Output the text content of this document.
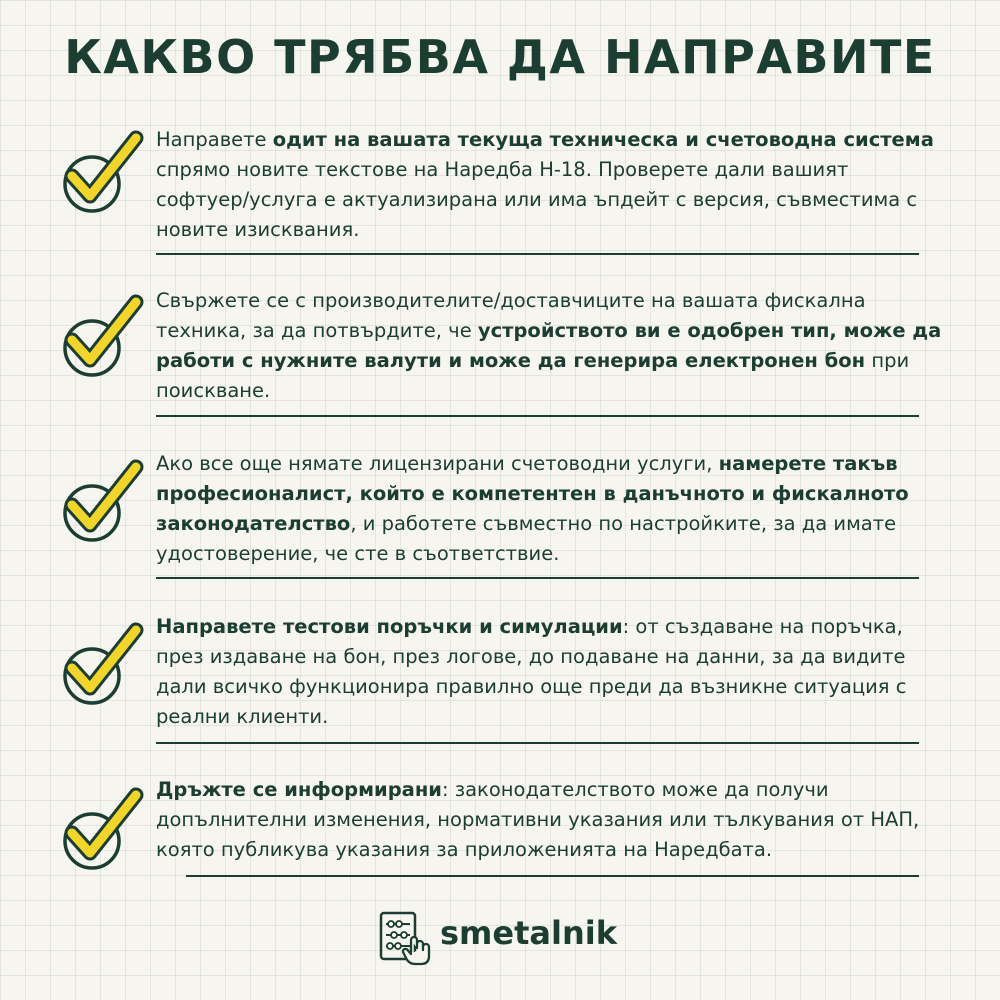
КАКВО ТРЯБВА ДА НАПРАВИТЕ
Направете одит на вашата текуща техническа и счетоводна система спрямо новите текстове на Наредба Н-18. Проверете дали вашият софтуер/услуга е актуализирана или има ъпдейт с версия, съвместима с новите изисквания.
Свържете се с производителите/доставчиците на вашата фискална техника, за да потвърдите, че устройството ви е одобрен тип, може да работи с нужните валути и може да генерира електронен бон при поискване.
Ако все още нямате лицензирани счетоводни услуги, намерете такъв професионалист, който е компетентен в данъчното и фискалното законодателство, и работете съвместно по настройките, за да имате удостоверение, че сте в съответствие.
Направете тестови поръчки и симулации: от създаване на поръчка, през издаване на бон, през логове, до подаване на данни, за да видите дали всичко функционира правилно още преди да възникне ситуация с реални клиенти.
Дръжте се информирани: законодателството може да получи допълнителни изменения, нормативни указания или тълкувания от НАП, която публикува указания за приложенията на Наредбата.
smetalnik
